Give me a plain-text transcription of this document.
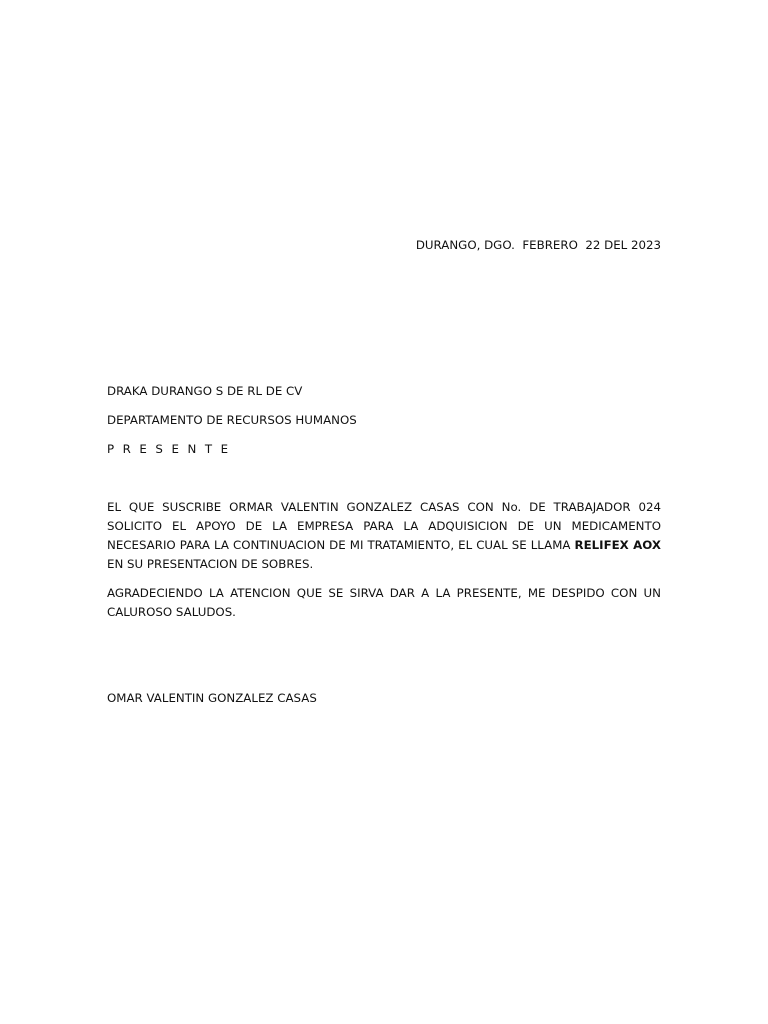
DURANGO, DGO.  FEBRERO  22 DEL 2023
DRAKA DURANGO S DE RL DE CV
DEPARTAMENTO DE RECURSOS HUMANOS
P R E S E N T E

EL QUE SUSCRIBE ORMAR VALENTIN GONZALEZ CASAS CON No. DE TRABAJADOR 024 SOLICITO EL APOYO DE LA EMPRESA PARA LA ADQUISICION DE UN MEDICAMENTO NECESARIO PARA LA CONTINUACION DE MI TRATAMIENTO, EL CUAL SE LLAMA RELIFEX AOX EN SU PRESENTACION DE SOBRES.

AGRADECIENDO LA ATENCION QUE SE SIRVA DAR A LA PRESENTE, ME DESPIDO CON UN CALUROSO SALUDOS.

OMAR VALENTIN GONZALEZ CASAS
